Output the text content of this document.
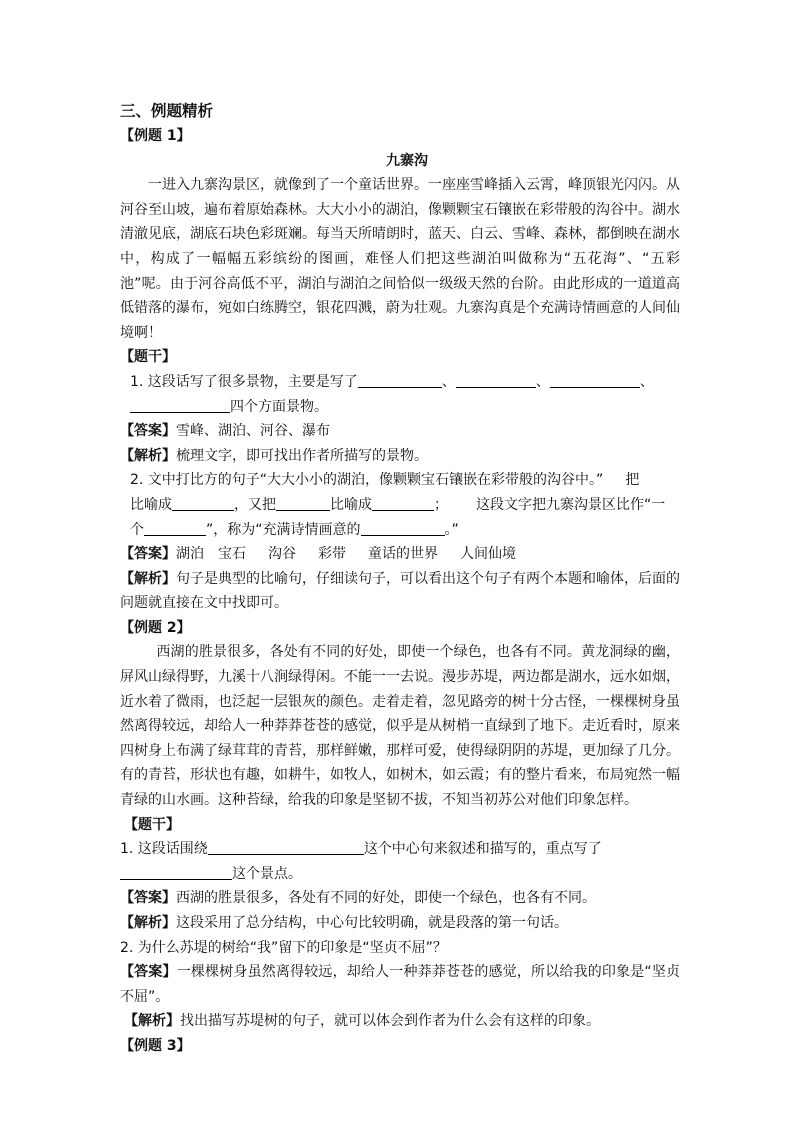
三、例题精析
【例题 1】
九寨沟
一进入九寨沟景区，就像到了一个童话世界。一座座雪峰插入云霄，峰顶银光闪闪。从河谷至山坡，遍布着原始森林。大大小小的湖泊，像颗颗宝石镶嵌在彩带般的沟谷中。湖水清澈见底，湖底石块色彩斑斓。每当天所晴朗时，蓝天、白云、雪峰、森林，都倒映在湖水中，构成了一幅幅五彩缤纷的图画，难怪人们把这些湖泊叫做称为“五花海”、“五彩池”呢。由于河谷高低不平，湖泊与湖泊之间恰似一级级天然的台阶。由此形成的一道道高低错落的瀑布，宛如白练腾空，银花四溅，蔚为壮观。九寨沟真是个充满诗情画意的人间仙境啊！
【题干】
1. 这段话写了很多景物，主要是写了	、	、	、
四个方面景物。
【答案】雪峰、湖泊、河谷、瀑布
【解析】梳理文字，即可找出作者所描写的景物。
2. 文中打比方的句子“大大小小的湖泊，像颗颗宝石镶嵌在彩带般的沟谷中。” 把
比喻成	，又把	比喻成	； 这段文字把九寨沟景区比作“一
个	”，称为“充满诗情画意的	。”
【答案】湖泊 宝石 沟谷 彩带 童话的世界 人间仙境
【解析】句子是典型的比喻句，仔细读句子，可以看出这个句子有两个本题和喻体，后面的问题就直接在文中找即可。
【例题 2】
西湖的胜景很多，各处有不同的好处，即使一个绿色，也各有不同。黄龙洞绿的幽，屏风山绿得野，九溪十八涧绿得闲。不能一一去说。漫步苏堤，两边都是湖水，远水如烟，近水着了微雨，也泛起一层银灰的颜色。走着走着，忽见路旁的树十分古怪，一棵棵树身虽然离得较远，却给人一种莽莽苍苍的感觉，似乎是从树梢一直绿到了地下。走近看时，原来四树身上布满了绿茸茸的青苔，那样鲜嫩，那样可爱，使得绿阴阴的苏堤，更加绿了几分。有的青苔，形状也有趣，如耕牛，如牧人，如树木，如云霞；有的整片看来，布局宛然一幅青绿的山水画。这种苔绿，给我的印象是坚韧不拔，不知当初苏公对他们印象怎样。
【题干】
1. 这段话围绕	这个中心句来叙述和描写的，重点写了
这个景点。
【答案】西湖的胜景很多，各处有不同的好处，即使一个绿色，也各有不同。
【解析】这段采用了总分结构，中心句比较明确，就是段落的第一句话。
2. 为什么苏堤的树给“我”留下的印象是“坚贞不屈”？
【答案】一棵棵树身虽然离得较远，却给人一种莽莽苍苍的感觉，所以给我的印象是“坚贞不屈”。
【解析】找出描写苏堤树的句子，就可以体会到作者为什么会有这样的印象。
【例题 3】
